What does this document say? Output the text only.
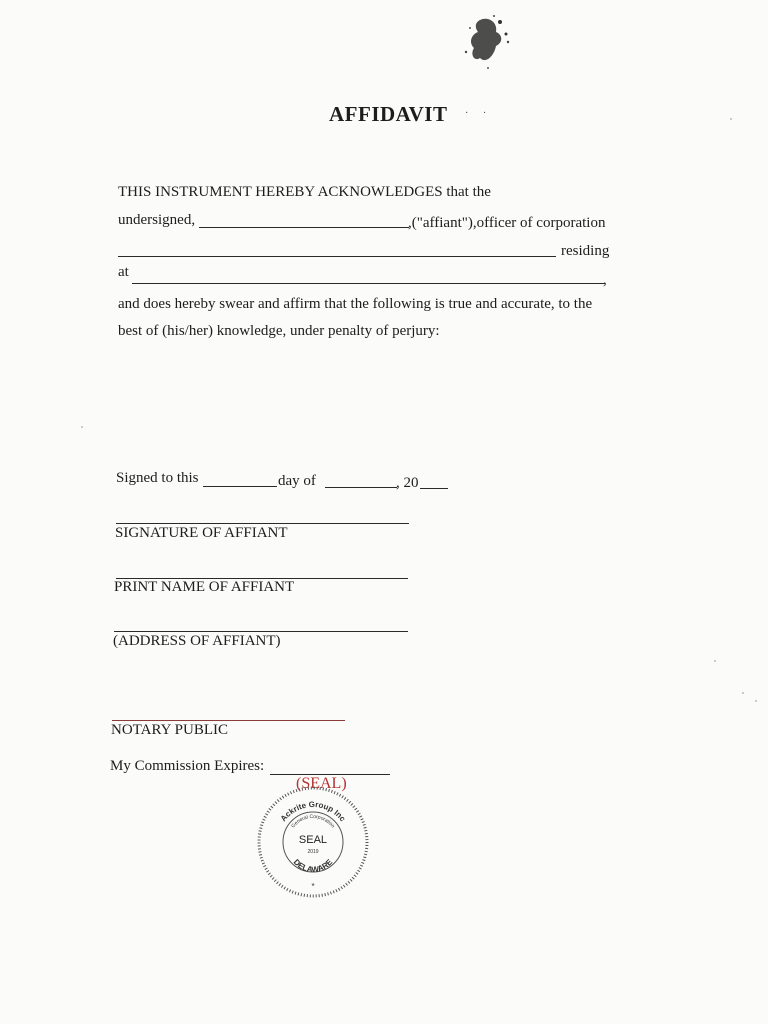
AFFIDAVIT · ·
THIS INSTRUMENT HEREBY ACKNOWLEDGES that the
undersigned,	,("affiant"),officer of corporation
residing
at	,
and does hereby swear and affirm that the following is true and accurate, to the
best of (his/her) knowledge, under penalty of perjury:
Signed to this	day of	, 20
SIGNATURE OF AFFIANT
PRINT NAME OF AFFIANT
(ADDRESS OF AFFIANT)
NOTARY PUBLIC
My Commission Expires:
(SEAL)
Ackrite Group Inc
General Corporation
SEAL
2019
DELAWARE
*
